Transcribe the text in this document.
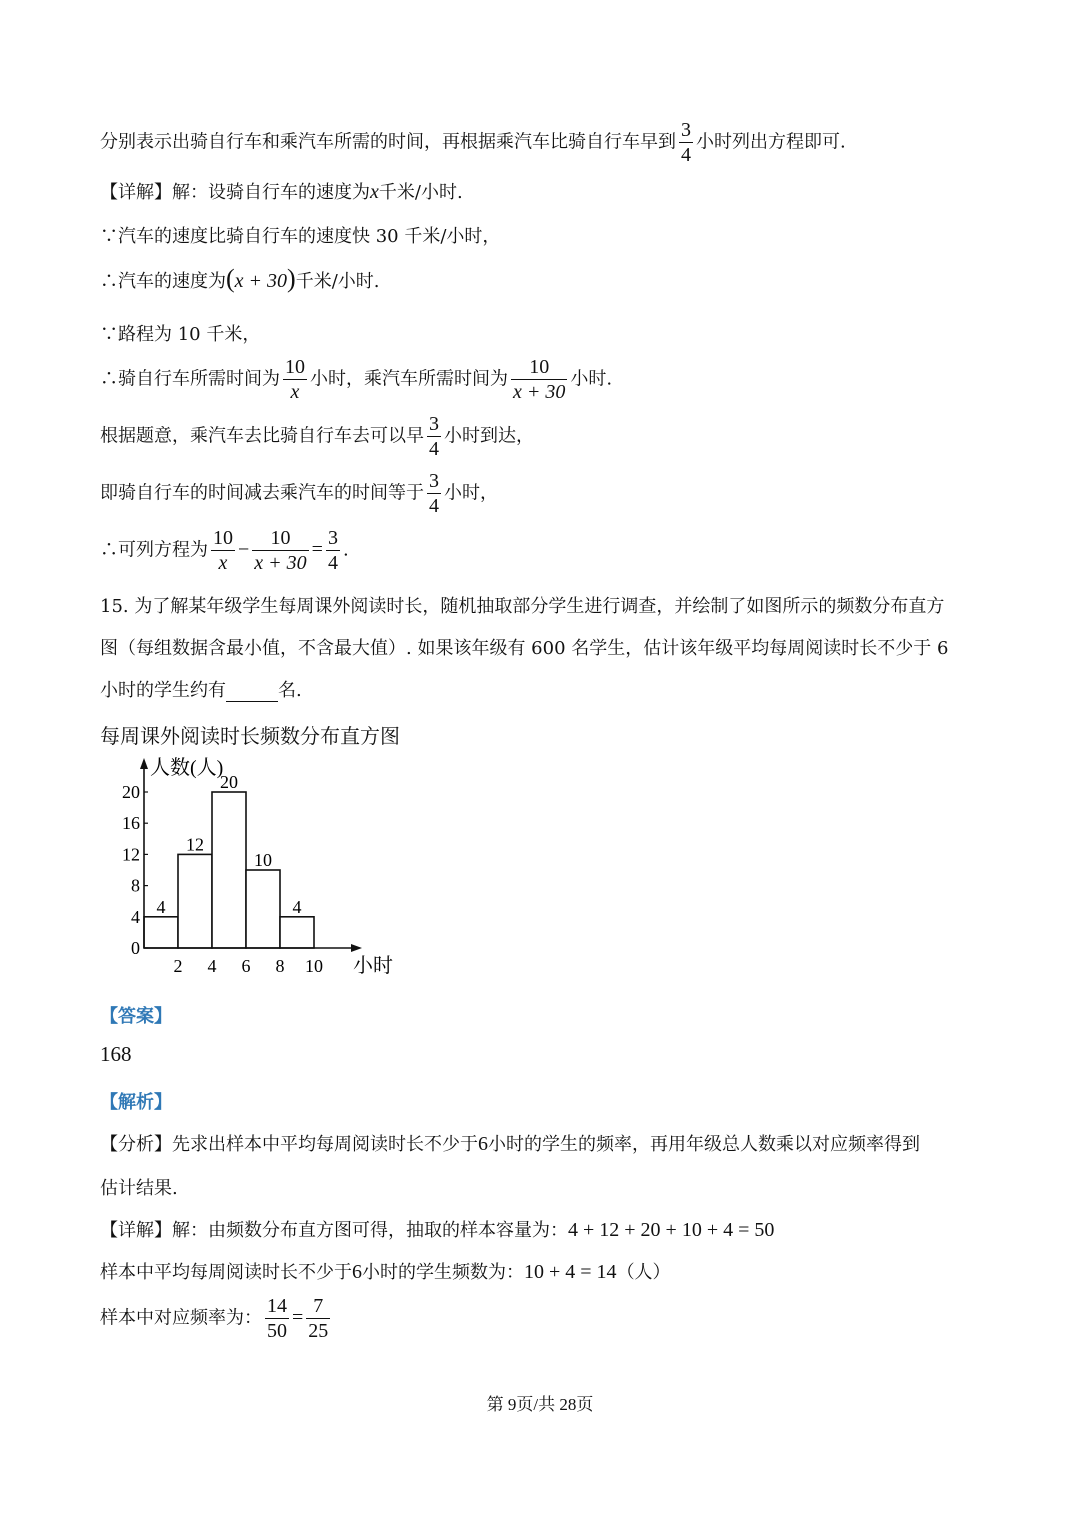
分别表示出骑自行车和乘汽车所需的时间，再根据乘汽车比骑自行车早到 $\frac{3}{4}$ 小时列出方程即可.
【详解】解：设骑自行车的速度为x千米/小时.
∵汽车的速度比骑自行车的速度快 30 千米/小时，
∴汽车的速度为(x + 30)千米/小时.
∵路程为 10 千米，
∴骑自行车所需时间为 $\frac{10}{x}$ 小时，乘汽车所需时间为 $\frac{10}{x + 30}$ 小时.
根据题意，乘汽车去比骑自行车去可以早 $\frac{3}{4}$ 小时到达，
即骑自行车的时间减去乘汽车的时间等于 $\frac{3}{4}$ 小时，
∴可列方程为 $\frac{10}{x} - \frac{10}{x + 30} = \frac{3}{4}$ .
15. 为了解某年级学生每周课外阅读时长，随机抽取部分学生进行调查，并绘制了如图所示的频数分布直方
图（每组数据含最小值，不含最大值）. 如果该年级有 600 名学生，估计该年级平均每周阅读时长不少于 6
小时的学生约有	名.
每周课外阅读时长频数分布直方图
4
12
20
10
4
0
4
8
12
16
20
2 4 6 8 10
人数(人)
小时
【答案】
168
【解析】
【分析】先求出样本中平均每周阅读时长不少于6小时的学生的频率，再用年级总人数乘以对应频率得到
估计结果.
【详解】解：由频数分布直方图可得，抽取的样本容量为：4 + 12 + 20 + 10 + 4 = 50
样本中平均每周阅读时长不少于6小时的学生频数为：10 + 4 = 14（人）
样本中对应频率为： $\frac{14}{50} = \frac{7}{25}$
第 9页/共 28页
